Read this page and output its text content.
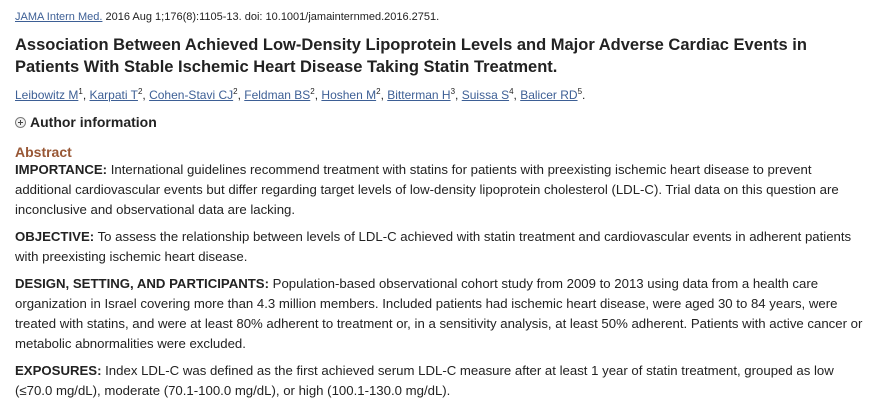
JAMA Intern Med. 2016 Aug 1;176(8):1105-13. doi: 10.1001/jamainternmed.2016.2751.

Association Between Achieved Low-Density Lipoprotein Levels and Major Adverse Cardiac Events in Patients With Stable Ischemic Heart Disease Taking Statin Treatment.
Leibowitz $M^1$, Karpati $T^2$, Cohen-Stavi $CJ^2$, Feldman $BS^2$, Hoshen $M^2$, Bitterman $H^3$, Suissa $S^4$, Balicer $RD^5$.
Author information
Abstract

IMPORTANCE: International guidelines recommend treatment with statins for patients with preexisting ischemic heart disease to prevent additional cardiovascular events but differ regarding target levels of low-density lipoprotein cholesterol (LDL-C). Trial data on this question are inconclusive and observational data are lacking.

OBJECTIVE: To assess the relationship between levels of LDL-C achieved with statin treatment and cardiovascular events in adherent patients with preexisting ischemic heart disease.

DESIGN, SETTING, AND PARTICIPANTS: Population-based observational cohort study from 2009 to 2013 using data from a health care organization in Israel covering more than 4.3 million members. Included patients had ischemic heart disease, were aged 30 to 84 years, were treated with statins, and were at least 80% adherent to treatment or, in a sensitivity analysis, at least 50% adherent. Patients with active cancer or metabolic abnormalities were excluded.

EXPOSURES: Index LDL-C was defined as the first achieved serum LDL-C measure after at least 1 year of statin treatment, grouped as low (≤70.0 mg/dL), moderate (70.1-100.0 mg/dL), or high (100.1-130.0 mg/dL).
